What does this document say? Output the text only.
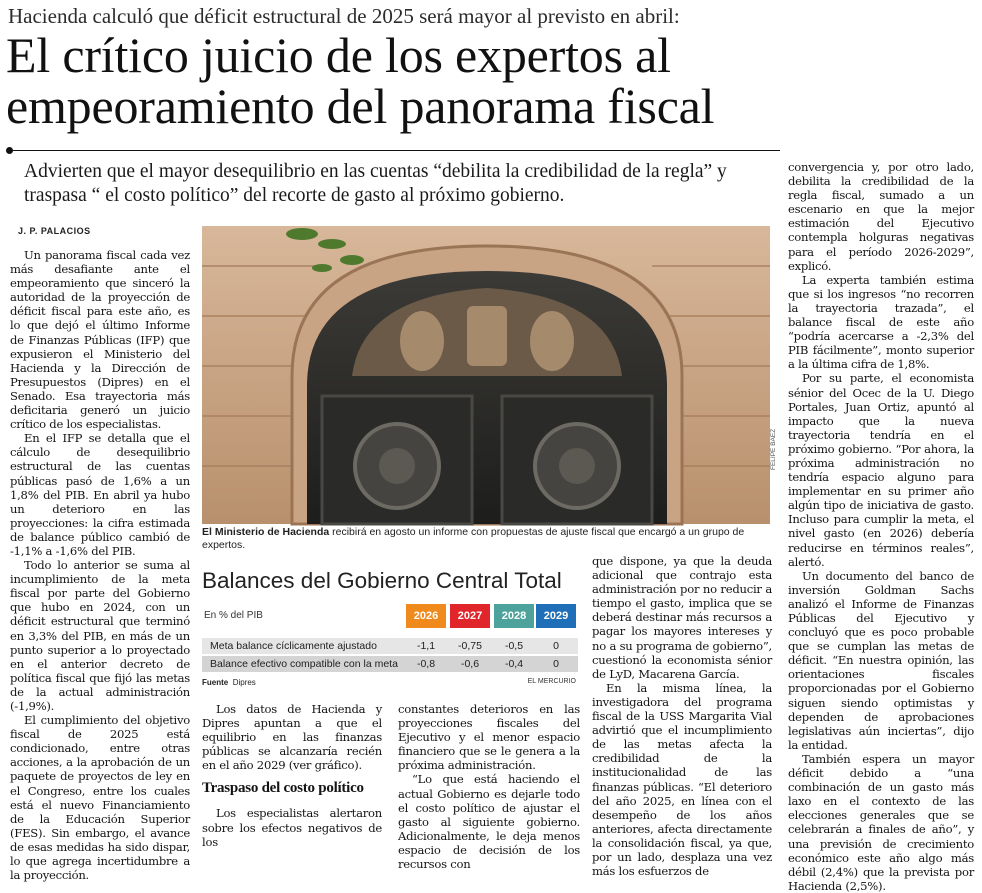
Hacienda calculó que déficit estructural de 2025 será mayor al previsto en abril:
El crítico juicio de los expertos al empeoramiento del panorama fiscal
Advierten que el mayor desequilibrio en las cuentas “debilita la credibilidad de la regla” y traspasa “ el costo político” del recorte de gasto al próximo gobierno.
J. P. PALACIOS

Un panorama fiscal cada vez más desafiante ante el empeoramiento que sinceró la autoridad de la proyección de déficit fiscal para este año, es lo que dejó el último Informe de Finanzas Públicas (IFP) que expusieron el Ministerio del Hacienda y la Dirección de Presupuestos (Dipres) en el Senado. Esa trayectoria más deficitaria generó un juicio crítico de los especialistas.

En el IFP se detalla que el cálculo de desequilibrio estructural de las cuentas públicas pasó de 1,6% a un 1,8% del PIB. En abril ya hubo un deterioro en las proyecciones: la cifra estimada de balance público cambió de -1,1% a -1,6% del PIB.

Todo lo anterior se suma al incumplimiento de la meta fiscal por parte del Gobierno que hubo en 2024, con un déficit estructural que terminó en 3,3% del PIB, en más de un punto superior a lo proyectado en el anterior decreto de política fiscal que fijó las metas de la actual administración (-1,9%).

El cumplimiento del objetivo fiscal de 2025 está condicionado, entre otras acciones, a la aprobación de un paquete de proyectos de ley en el Congreso, entre los cuales está el nuevo Financiamiento de la Educación Superior (FES). Sin embargo, el avance de esas medidas ha sido dispar, lo que agrega incertidumbre a la proyección.

FELIPE BAEZ
El Ministerio de Hacienda recibirá en agosto un informe con propuestas de ajuste fiscal que encargó a un grupo de expertos.
Balances del Gobierno Central Total
En % del PIB	2026	2027	2028	2029
Meta balance cíclicamente ajustado	-1,1	-0,75	-0,5	0
Balance efectivo compatible con la meta	-0,8	-0,6	-0,4	0
Fuente Dipres	EL MERCURIO

Los datos de Hacienda y Dipres apuntan a que el equilibrio en las finanzas públicas se alcanzaría recién en el año 2029 (ver gráfico).

Traspaso del costo político

Los especialistas alertaron sobre los efectos negativos de los

constantes deterioros en las proyecciones fiscales del Ejecutivo y el menor espacio financiero que se le genera a la próxima administración.

“Lo que está haciendo el actual Gobierno es dejarle todo el costo político de ajustar el gasto al siguiente gobierno. Adicionalmente, le deja menos espacio de decisión de los recursos con

que dispone, ya que la deuda adicional que contrajo esta administración por no reducir a tiempo el gasto, implica que se deberá destinar más recursos a pagar los mayores intereses y no a su programa de gobierno”, cuestionó la economista sénior de LyD, Macarena García.

En la misma línea, la investigadora del programa fiscal de la USS Margarita Vial advirtió que el incumplimiento de las metas afecta la credibilidad de la institucionalidad de las finanzas públicas. “El deterioro del año 2025, en línea con el desempeño de los años anteriores, afecta directamente la consolidación fiscal, ya que, por un lado, desplaza una vez más los esfuerzos de

convergencia y, por otro lado, debilita la credibilidad de la regla fiscal, sumado a un escenario en que la mejor estimación del Ejecutivo contempla holguras negativas para el período 2026-2029”, explicó.

La experta también estima que si los ingresos “no recorren la trayectoria trazada”, el balance fiscal de este año “podría acercarse a -2,3% del PIB fácilmente”, monto superior a la última cifra de 1,8%.

Por su parte, el economista sénior del Ocec de la U. Diego Portales, Juan Ortiz, apuntó al impacto que la nueva trayectoria tendría en el próximo gobierno. “Por ahora, la próxima administración no tendría espacio alguno para implementar en su primer año algún tipo de iniciativa de gasto. Incluso para cumplir la meta, el nivel gasto (en 2026) debería reducirse en términos reales”, alertó.

Un documento del banco de inversión Goldman Sachs analizó el Informe de Finanzas Públicas del Ejecutivo y concluyó que es poco probable que se cumplan las metas de déficit. “En nuestra opinión, las orientaciones fiscales proporcionadas por el Gobierno siguen siendo optimistas y dependen de aprobaciones legislativas aún inciertas”, dijo la entidad.

También espera un mayor déficit debido a “una combinación de un gasto más laxo en el contexto de las elecciones generales que se celebrarán a finales de año”, y una previsión de crecimiento económico este año algo más débil (2,4%) que la prevista por Hacienda (2,5%).
